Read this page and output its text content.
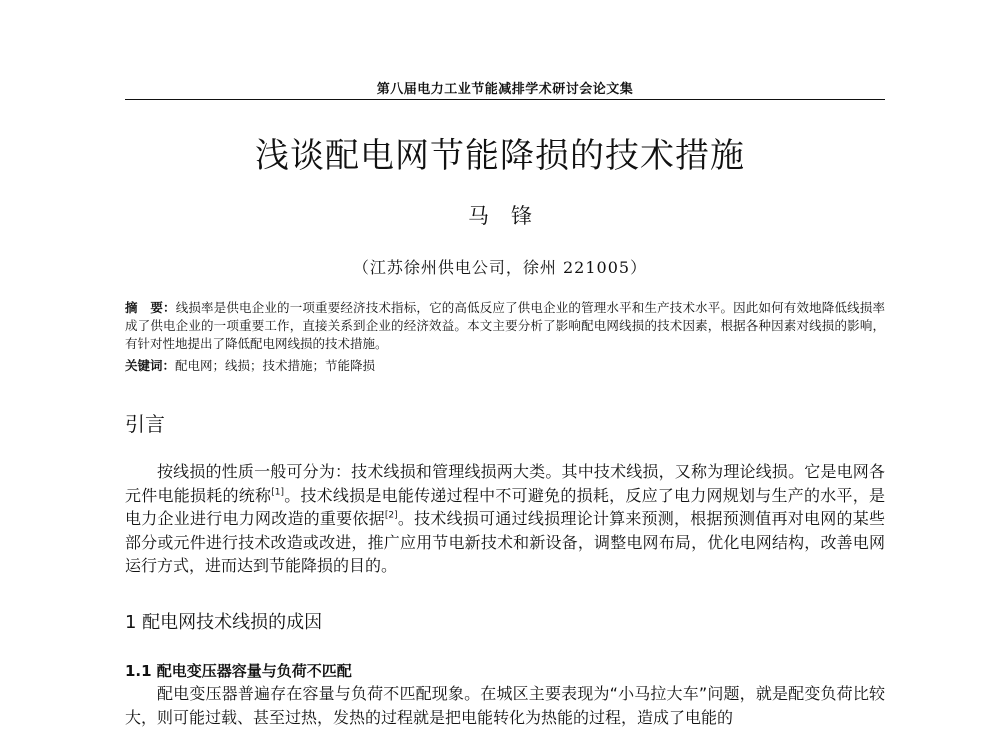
第八届电力工业节能减排学术研讨会论文集
浅谈配电网节能降损的技术措施
马锋
（江苏徐州供电公司，徐州 221005）
摘　要：线损率是供电企业的一项重要经济技术指标，它的高低反应了供电企业的管理水平和生产技术水平。因此如何有效地降低线损率成了供电企业的一项重要工作，直接关系到企业的经济效益。本文主要分析了影响配电网线损的技术因素，根据各种因素对线损的影响，有针对性地提出了降低配电网线损的技术措施。
关键词：配电网；线损；技术措施；节能降损
引言
按线损的性质一般可分为：技术线损和管理线损两大类。其中技术线损，又称为理论线损。它是电网各元件电能损耗的统称[1]。技术线损是电能传递过程中不可避免的损耗，反应了电力网规划与生产的水平，是电力企业进行电力网改造的重要依据[2]。技术线损可通过线损理论计算来预测，根据预测值再对电网的某些部分或元件进行技术改造或改进，推广应用节电新技术和新设备，调整电网布局，优化电网结构，改善电网运行方式，进而达到节能降损的目的。
1 配电网技术线损的成因
1.1 配电变压器容量与负荷不匹配
配电变压器普遍存在容量与负荷不匹配现象。在城区主要表现为“小马拉大车”问题，就是配变负荷比较大，则可能过载、甚至过热，发热的过程就是把电能转化为热能的过程，造成了电能的
